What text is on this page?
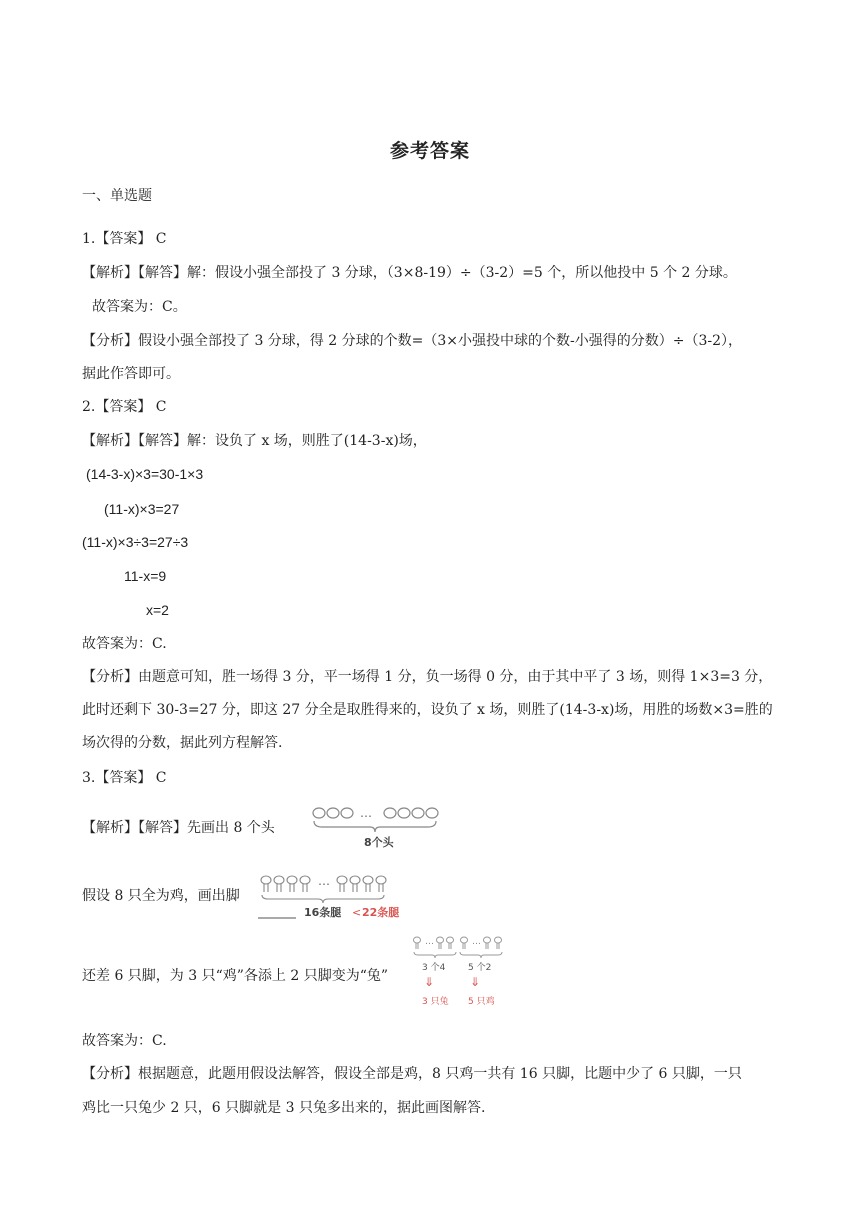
参考答案
一、单选题
1.【答案】 C
【解析】【解答】解：假设小强全部投了 3 分球，（3×8-19）÷（3-2）=5 个，所以他投中 5 个 2 分球。
故答案为：C。
【分析】假设小强全部投了 3 分球，得 2 分球的个数=（3×小强投中球的个数-小强得的分数）÷（3-2），
据此作答即可。
2.【答案】 C
【解析】【解答】解：设负了 x 场，则胜了(14-3-x)场，
(14-3-x)×3=30-1×3
(11-x)×3=27
(11-x)×3÷3=27÷3
11-x=9
x=2
故答案为：C.
【分析】由题意可知，胜一场得 3 分，平一场得 1 分，负一场得 0 分，由于其中平了 3 场，则得 1×3=3 分，
此时还剩下 30-3=27 分，即这 27 分全是取胜得来的，设负了 x 场，则胜了(14-3-x)场，用胜的场数×3=胜的
场次得的分数，据此列方程解答.
3.【答案】 C
【解析】【解答】先画出 8 个头
…
8个头
假设 8 只全为鸡，画出脚
…
16条腿 < 22条腿
还差 6 只脚，为 3 只“鸡”各添上 2 只脚变为“兔”
…	…
3 个4
⇓
3 只兔
5 个2
⇓
5 只鸡
故答案为：C.
【分析】根据题意，此题用假设法解答，假设全部是鸡，8 只鸡一共有 16 只脚，比题中少了 6 只脚，一只
鸡比一只兔少 2 只，6 只脚就是 3 只兔多出来的，据此画图解答.
